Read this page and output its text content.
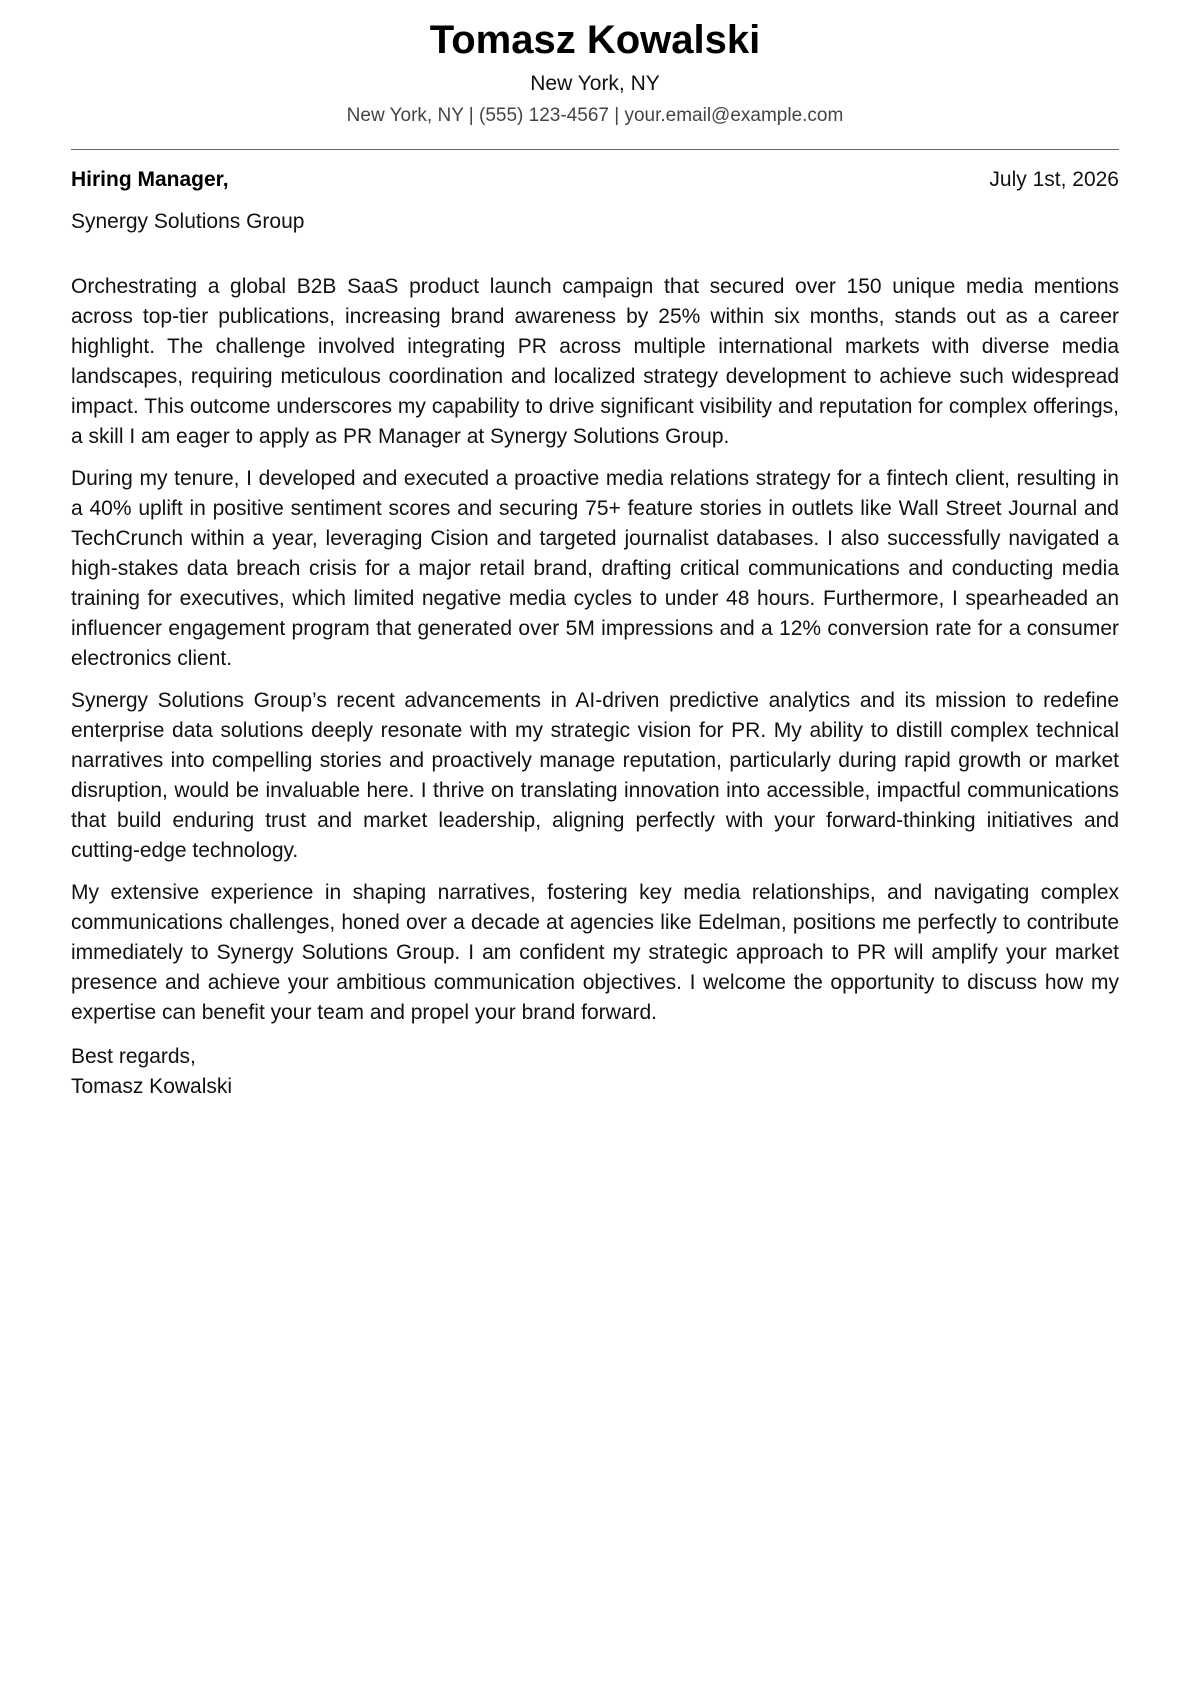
Tomasz Kowalski
New York, NY
New York, NY | (555) 123-4567 | your.email@example.com
Hiring Manager,	July 1st, 2026
Synergy Solutions Group

Orchestrating a global B2B SaaS product launch campaign that secured over 150 unique media mentions across top-tier publications, increasing brand awareness by 25% within six months, stands out as a career highlight. The challenge involved integrating PR across multiple international markets with diverse media landscapes, requiring meticulous coordination and localized strategy development to achieve such widespread impact. This outcome underscores my capability to drive significant visibility and reputation for complex offerings, a skill I am eager to apply as PR Manager at Synergy Solutions Group.

During my tenure, I developed and executed a proactive media relations strategy for a fintech client, resulting in a 40% uplift in positive sentiment scores and securing 75+ feature stories in outlets like Wall Street Journal and TechCrunch within a year, leveraging Cision and targeted journalist databases. I also successfully navigated a high-stakes data breach crisis for a major retail brand, drafting critical communications and conducting media training for executives, which limited negative media cycles to under 48 hours. Furthermore, I spearheaded an influencer engagement program that generated over 5M impressions and a 12% conversion rate for a consumer electronics client.

Synergy Solutions Group’s recent advancements in AI-driven predictive analytics and its mission to redefine enterprise data solutions deeply resonate with my strategic vision for PR. My ability to distill complex technical narratives into compelling stories and proactively manage reputation, particularly during rapid growth or market disruption, would be invaluable here. I thrive on translating innovation into accessible, impactful communications that build enduring trust and market leadership, aligning perfectly with your forward-thinking initiatives and cutting-edge technology.

My extensive experience in shaping narratives, fostering key media relationships, and navigating complex communications challenges, honed over a decade at agencies like Edelman, positions me perfectly to contribute immediately to Synergy Solutions Group. I am confident my strategic approach to PR will amplify your market presence and achieve your ambitious communication objectives. I welcome the opportunity to discuss how my expertise can benefit your team and propel your brand forward.

Best regards,
Tomasz Kowalski
